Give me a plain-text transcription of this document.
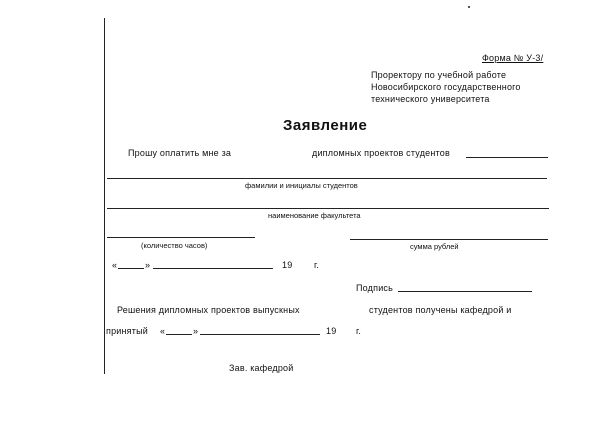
Форма № У-3/
Проректору по учебной работе
Новосибирского государственного
технического университета
Заявление
Прошу оплатить мне за	дипломных проектов студентов
фамилии и инициалы студентов
наименование факультета
(количество часов)	сумма рублей
«	»	19 г.
Подпись
Решения дипломных проектов выпускных	студентов получены кафедрой и
принятый «	»	19 г.
Зав. кафедрой
